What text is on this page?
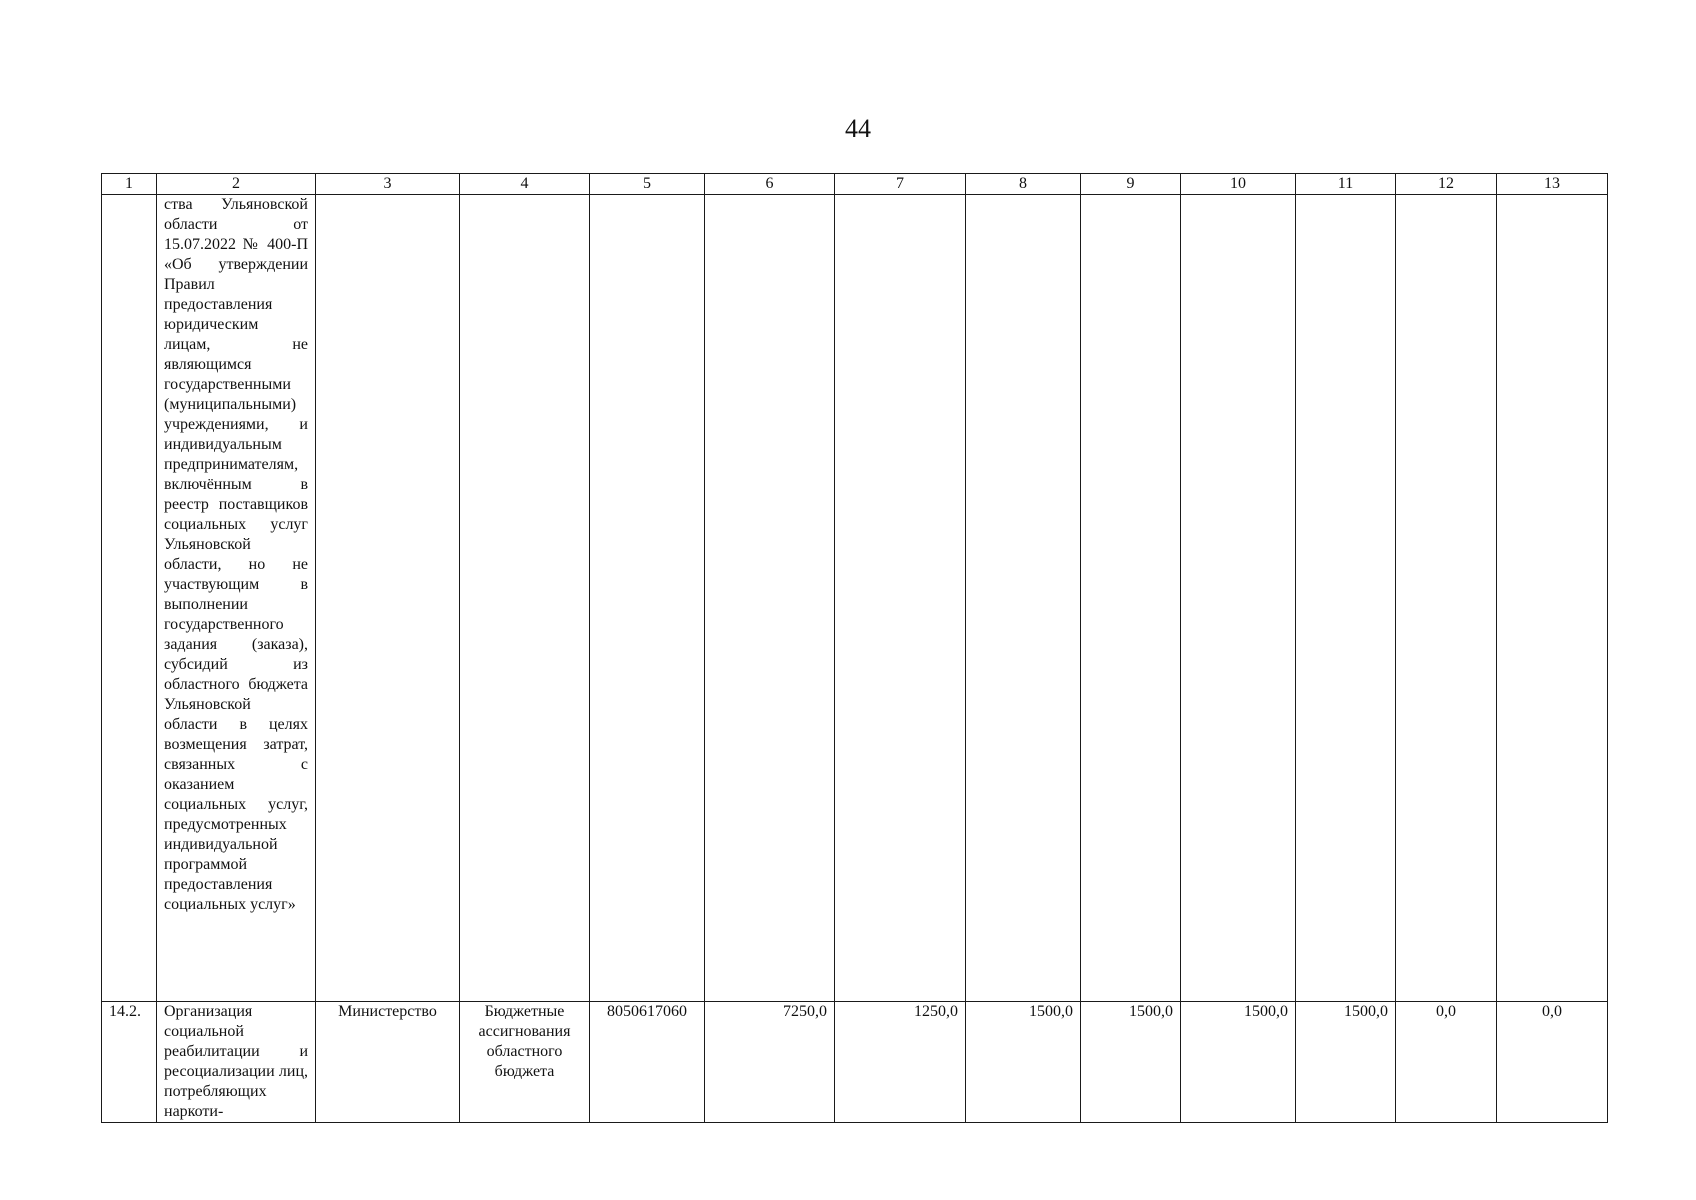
44
1	2	3	4	5	6	7	8	9	10	11	12	13
	ства Ульяновской области от 15.07.2022 № 400-П «Об утверждении Правил предоставления юридическим лицам, не являющимся государственными (муниципальными) учреждениями, и индивидуальным предпринимателям, включённым в реестр поставщиков социальных услуг Ульяновской области, но не участвующим в выполнении государственного задания (заказа), субсидий из областного бюджета Ульяновской области в целях возмещения затрат, связанных с оказанием социальных услуг, предусмотренных индивидуальной программой предоставления социальных услуг»											
14.2.	Организация социальной реабилитации и ресоциализации лиц, потребляющих наркоти-	Министерство	Бюджетные ассигнования областного бюджета	8050617060	7250,0	1250,0	1500,0	1500,0	1500,0	1500,0	0,0	0,0
